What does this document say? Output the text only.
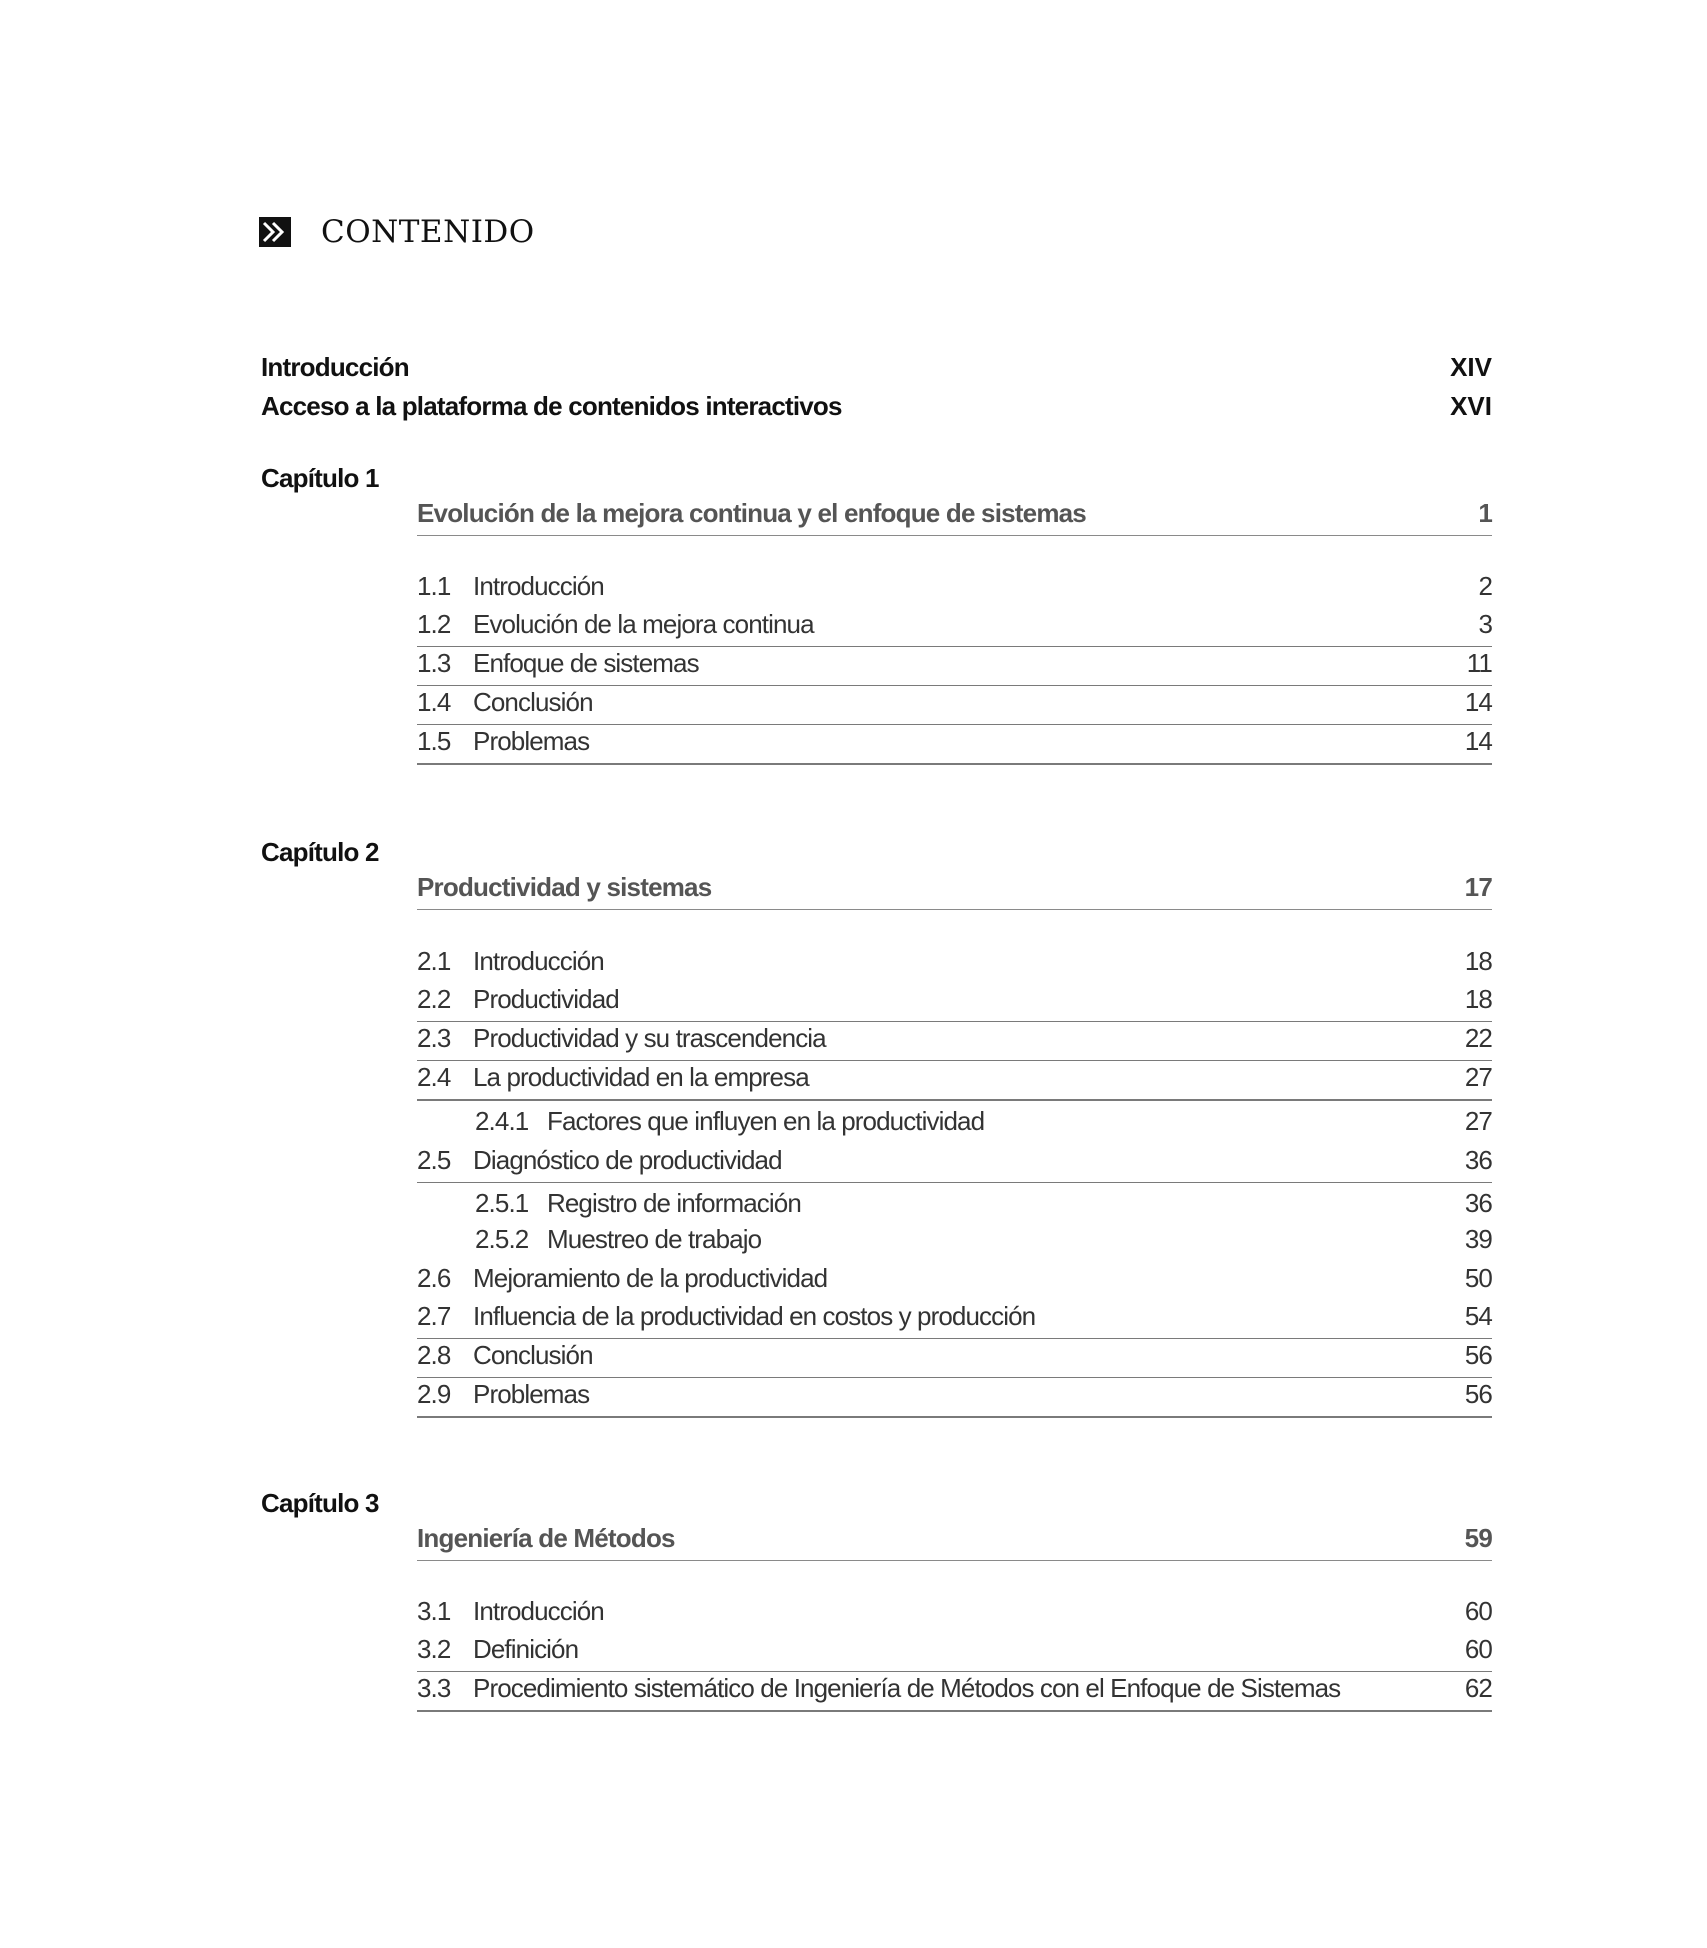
CONTENIDO
Introducción	XIV
Acceso a la plataforma de contenidos interactivos	XVI
Capítulo 1
Evolución de la mejora continua y el enfoque de sistemas	1
1.1 Introducción	2
1.2 Evolución de la mejora continua	3
1.3 Enfoque de sistemas	11
1.4 Conclusión	14
1.5 Problemas	14
Capítulo 2
Productividad y sistemas	17
2.1 Introducción	18
2.2 Productividad	18
2.3 Productividad y su trascendencia	22
2.4 La productividad en la empresa	27
2.4.1 Factores que influyen en la productividad	27
2.5 Diagnóstico de productividad	36
2.5.1 Registro de información	36
2.5.2 Muestreo de trabajo	39
2.6 Mejoramiento de la productividad	50
2.7 Influencia de la productividad en costos y producción	54
2.8 Conclusión	56
2.9 Problemas	56
Capítulo 3
Ingeniería de Métodos	59
3.1 Introducción	60
3.2 Definición	60
3.3 Procedimiento sistemático de Ingeniería de Métodos con el Enfoque de Sistemas	62
